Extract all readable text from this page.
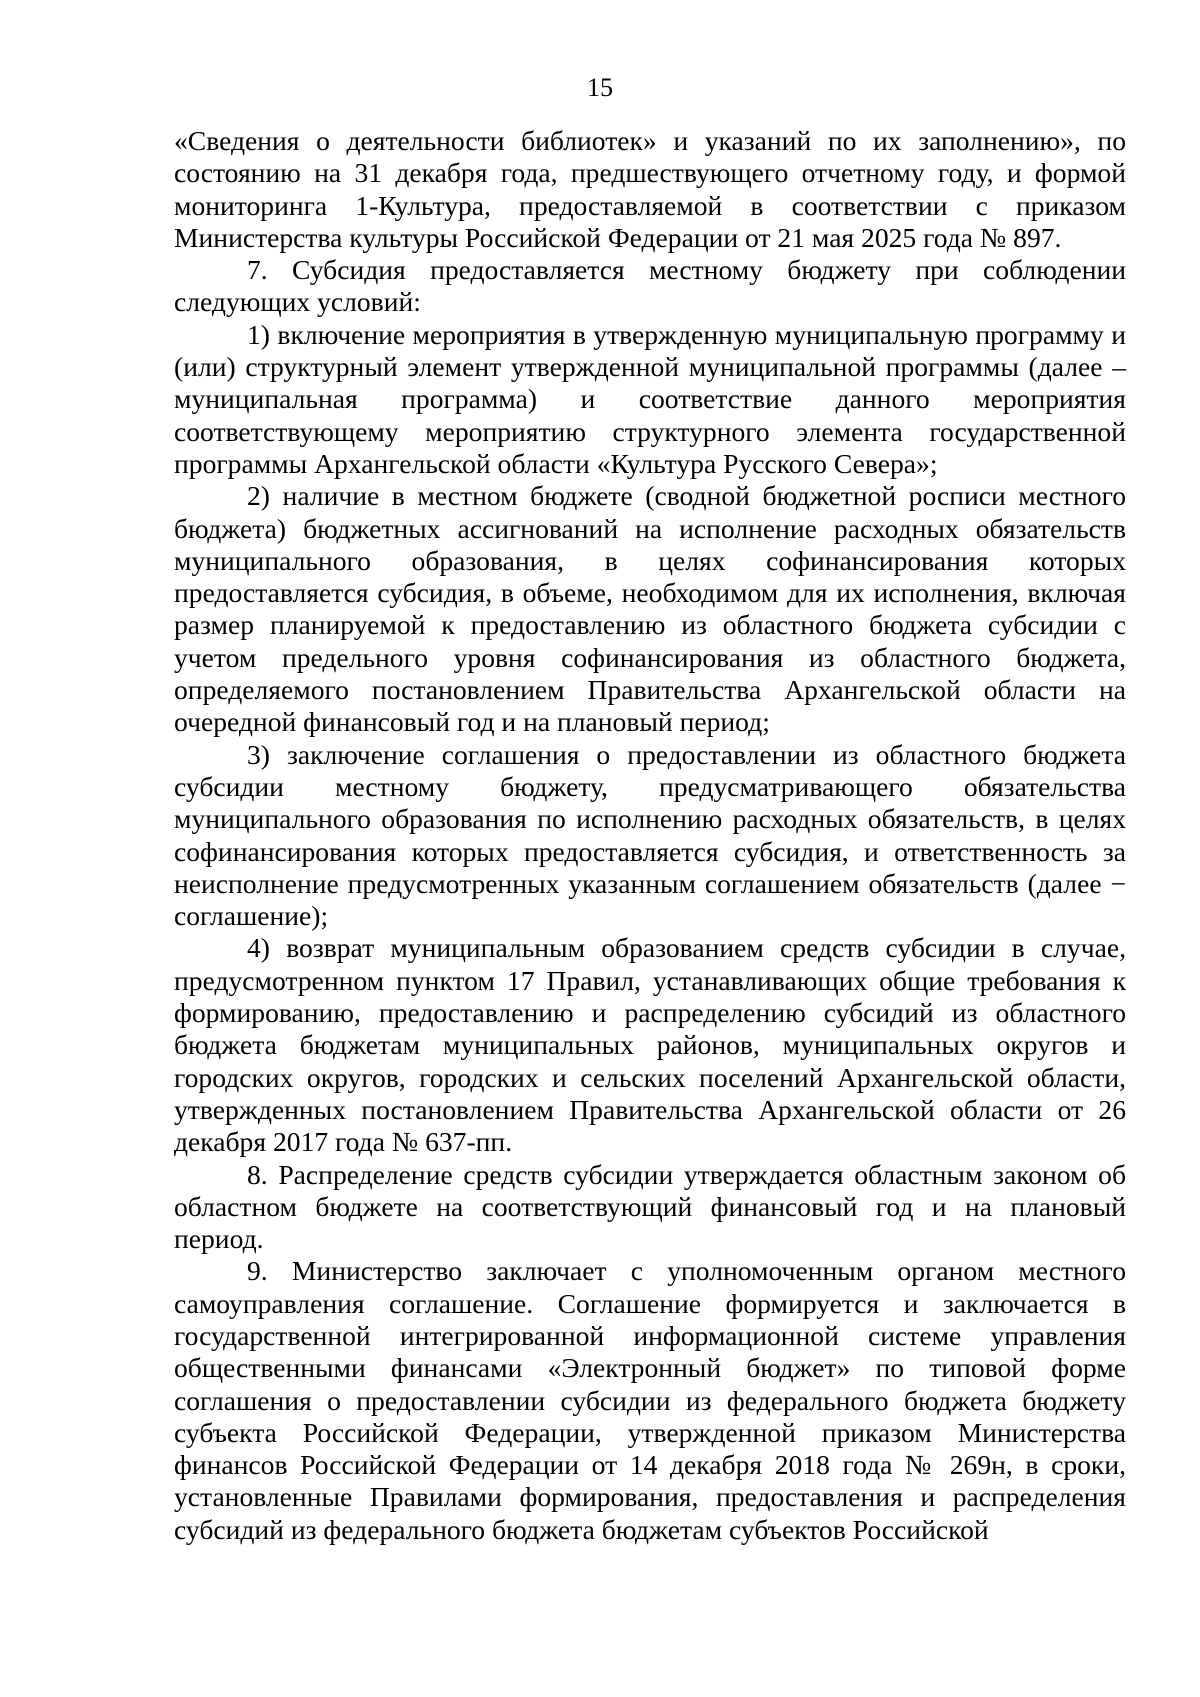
15

«Сведения о деятельности библиотек» и указаний по их заполнению», по состоянию на 31 декабря года, предшествующего отчетному году, и формой мониторинга 1-Культура, предоставляемой в соответствии с приказом Министерства культуры Российской Федерации от 21 мая 2025 года № 897.

7. Субсидия предоставляется местному бюджету при соблюдении следующих условий:

1) включение мероприятия в утвержденную муниципальную программу и (или) структурный элемент утвержденной муниципальной программы (далее – муниципальная программа) и соответствие данного мероприятия соответствующему мероприятию структурного элемента государственной программы Архангельской области «Культура Русского Севера»;

2) наличие в местном бюджете (сводной бюджетной росписи местного бюджета) бюджетных ассигнований на исполнение расходных обязательств муниципального образования, в целях софинансирования которых предоставляется субсидия, в объеме, необходимом для их исполнения, включая размер планируемой к предоставлению из областного бюджета субсидии с учетом предельного уровня софинансирования из областного бюджета, определяемого постановлением Правительства Архангельской области на очередной финансовый год и на плановый период;

3) заключение соглашения о предоставлении из областного бюджета субсидии местному бюджету, предусматривающего обязательства муниципального образования по исполнению расходных обязательств, в целях софинансирования которых предоставляется субсидия, и ответственность за неисполнение предусмотренных указанным соглашением обязательств (далее − соглашение);

4) возврат муниципальным образованием средств субсидии в случае, предусмотренном пунктом 17 Правил, устанавливающих общие требования к формированию, предоставлению и распределению субсидий из областного бюджета бюджетам муниципальных районов, муниципальных округов и городских округов, городских и сельских поселений Архангельской области, утвержденных постановлением Правительства Архангельской области от 26 декабря 2017 года № 637-пп.

8. Распределение средств субсидии утверждается областным законом об областном бюджете на соответствующий финансовый год и на плановый период.

9. Министерство заключает с уполномоченным органом местного самоуправления соглашение. Соглашение формируется и заключается в государственной интегрированной информационной системе управления общественными финансами «Электронный бюджет» по типовой форме соглашения о предоставлении субсидии из федерального бюджета бюджету субъекта Российской Федерации, утвержденной приказом Министерства финансов Российской Федерации от 14 декабря 2018 года № 269н, в сроки, установленные Правилами формирования, предоставления и распределения субсидий из федерального бюджета бюджетам субъектов Российской
